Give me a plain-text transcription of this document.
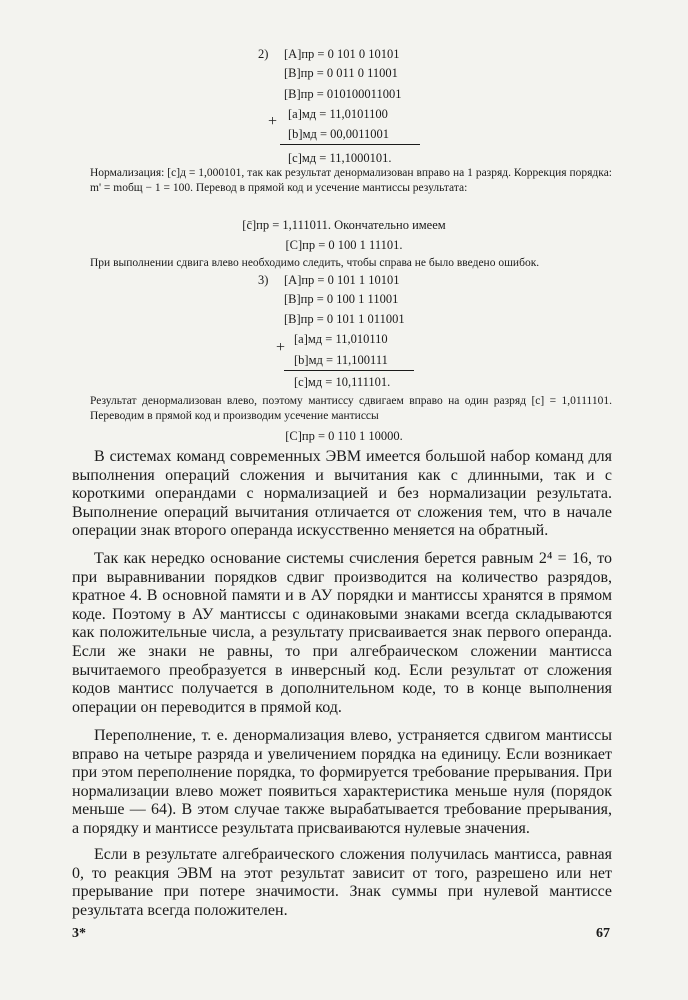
2) [A]пр = 0 101 0 10101
[B]пр = 0 011 0 11001
[B]пр = 010100011001
[a]мд = 11,0101100
+
[b]мд = 00,0011001
[c]мд = 11,1000101.
Нормализация: [c]д = 1,000101, так как результат денормализован вправо на 1 разряд. Коррекция порядка: m' = mобщ − 1 = 100. Перевод в прямой код и усечение мантиссы результата:
[c̄]пр = 1,111011. Окончательно имеем
[C]пр = 0 100 1 11101.
При выполнении сдвига влево необходимо следить, чтобы справа не было введено ошибок.
3) [A]пр = 0 101 1 10101
[B]пр = 0 100 1 11001
[B]пр = 0 101 1 011001
[a]мд = 11,010110
+
[b]мд = 11,100111
[c]мд = 10,111101.
Результат денормализован влево, поэтому мантиссу сдвигаем вправо на один разряд [c] = 1,0111101. Переводим в прямой код и производим усечение мантиссы
[C]пр = 0 110 1 10000.
В системах команд современных ЭВМ имеется большой набор команд для выполнения операций сложения и вычитания как с длинными, так и с короткими операндами с нормализацией и без нормализации результата. Выполнение операций вычитания отличается от сложения тем, что в начале операции знак второго операнда искусственно меняется на обратный.
Так как нередко основание системы счисления берется равным 2⁴ = 16, то при выравнивании порядков сдвиг производится на количество разрядов, кратное 4. В основной памяти и в АУ порядки и мантиссы хранятся в прямом коде. Поэтому в АУ мантиссы с одинаковыми знаками всегда складываются как положительные числа, а результату присваивается знак первого операнда. Если же знаки не равны, то при алгебраическом сложении мантисса вычитаемого преобразуется в инверсный код. Если результат от сложения кодов мантисс получается в дополнительном коде, то в конце выполнения операции он переводится в прямой код.
Переполнение, т. е. денормализация влево, устраняется сдвигом мантиссы вправо на четыре разряда и увеличением порядка на единицу. Если возникает при этом переполнение порядка, то формируется требование прерывания. При нормализации влево может появиться характеристика меньше нуля (порядок меньше — 64). В этом случае также вырабатывается требование прерывания, а порядку и мантиссе результата присваиваются нулевые значения.
Если в результате алгебраического сложения получилась мантисса, равная 0, то реакция ЭВМ на этот результат зависит от того, разрешено или нет прерывание при потере значимости. Знак суммы при нулевой мантиссе результата всегда положителен.
3*	67
